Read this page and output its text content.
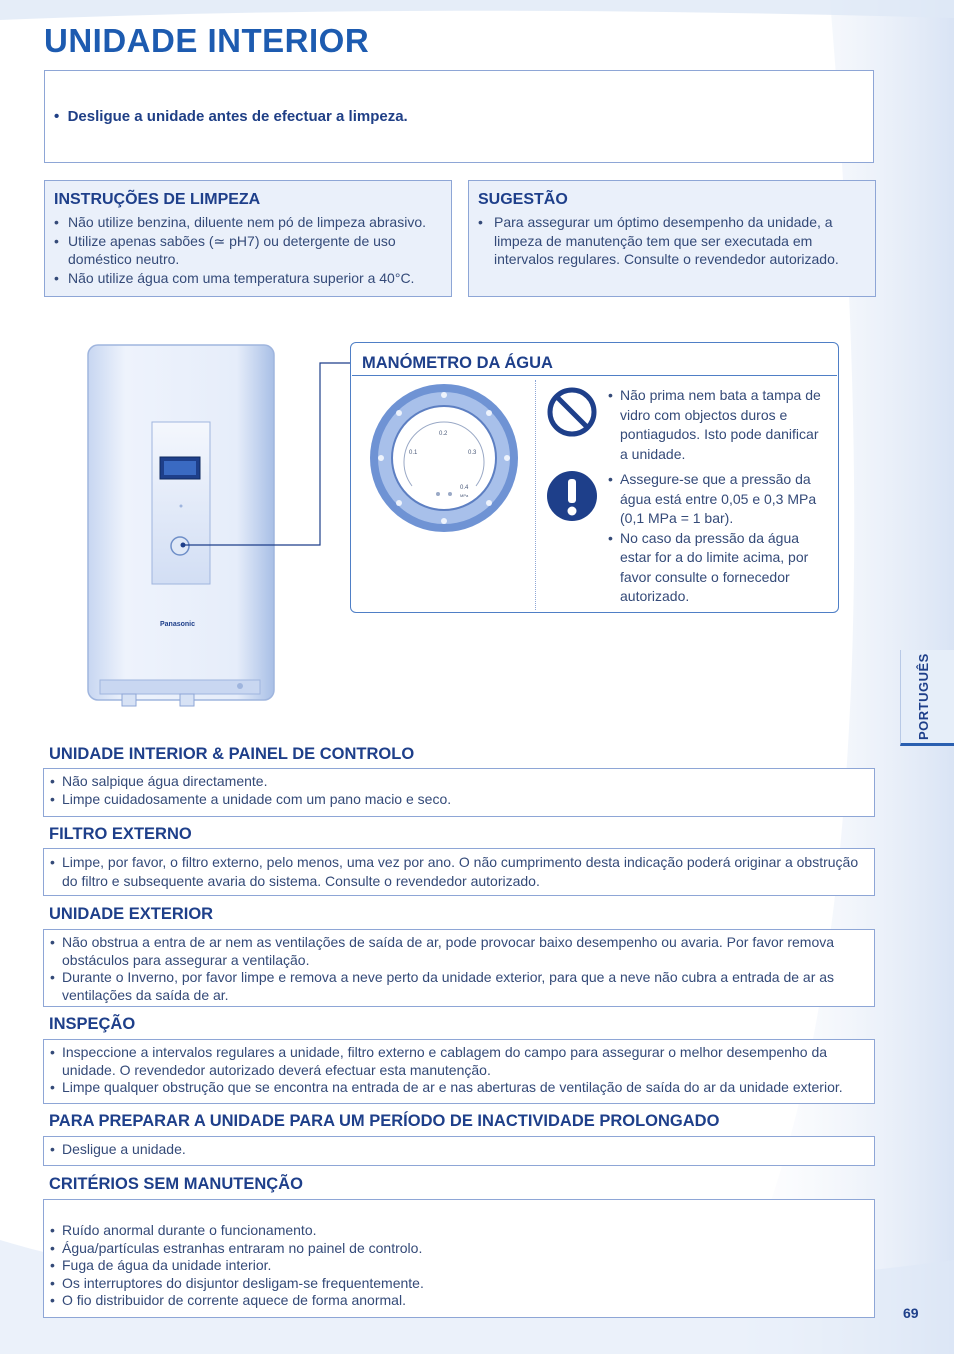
UNIDADE INTERIOR
•  Desligue a unidade antes de efectuar a limpeza.
INSTRUÇÕES DE LIMPEZA
• Não utilize benzina, diluente nem pó de limpeza abrasivo.
• Utilize apenas sabões (≃ pH7) ou detergente de uso doméstico neutro.
• Não utilize água com uma temperatura superior a 40°C.
SUGESTÃO
• Para assegurar um óptimo desempenho da unidade, a limpeza de manutenção tem que ser executada em intervalos regulares. Consulte o revendedor autorizado.
Panasonic
MANÓMETRO DA ÁGUA
0.1
0.2
0.3
0.4
MPa
• Não prima nem bata a tampa de vidro com objectos duros e pontiagudos. Isto pode danificar a unidade.
• Assegure-se que a pressão da água está entre 0,05 e 0,3 MPa (0,1 MPa = 1 bar).
• No caso da pressão da água estar for a do limite acima, por favor consulte o fornecedor autorizado.
PORTUGUÊS
UNIDADE INTERIOR & PAINEL DE CONTROLO
• Não salpique água directamente.
• Limpe cuidadosamente a unidade com um pano macio e seco.
FILTRO EXTERNO
• Limpe, por favor, o filtro externo, pelo menos, uma vez por ano. O não cumprimento desta indicação poderá originar a obstrução do filtro e subsequente avaria do sistema. Consulte o revendedor autorizado.
UNIDADE EXTERIOR
• Não obstrua a entra de ar nem as ventilações de saída de ar, pode provocar baixo desempenho ou avaria. Por favor remova obstáculos para assegurar a ventilação.
• Durante o Inverno, por favor limpe e remova a neve perto da unidade exterior, para que a neve não cubra a entrada de ar as ventilações da saída de ar.
INSPEÇÃO
• Inspeccione a intervalos regulares a unidade, filtro externo e cablagem do campo para assegurar o melhor desempenho da unidade. O revendedor autorizado deverá efectuar esta manutenção.
• Limpe qualquer obstrução que se encontra na entrada de ar e nas aberturas de ventilação de saída do ar da unidade exterior.
PARA PREPARAR A UNIDADE PARA UM PERÍODO DE INACTIVIDADE PROLONGADO
• Desligue a unidade.
CRITÉRIOS SEM MANUTENÇÃO
• Ruído anormal durante o funcionamento.
• Água/partículas estranhas entraram no painel de controlo.
• Fuga de água da unidade interior.
• Os interruptores do disjuntor desligam-se frequentemente.
• O fio distribuidor de corrente aquece de forma anormal.
69
